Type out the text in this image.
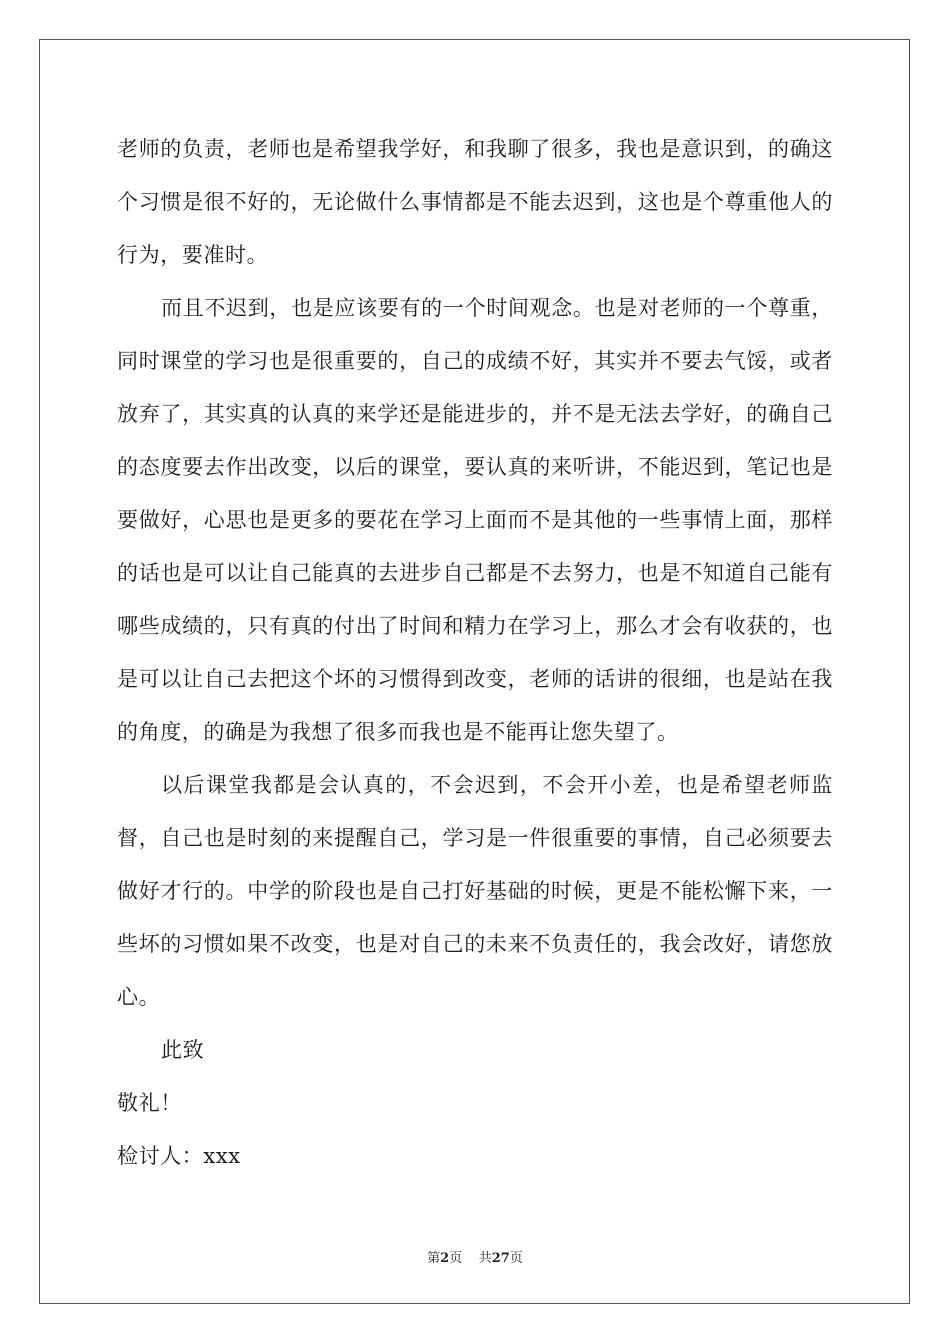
老师的负责，老师也是希望我学好，和我聊了很多，我也是意识到，的确这个习惯是很不好的，无论做什么事情都是不能去迟到，这也是个尊重他人的行为，要准时。

而且不迟到，也是应该要有的一个时间观念。也是对老师的一个尊重，同时课堂的学习也是很重要的，自己的成绩不好，其实并不要去气馁，或者放弃了，其实真的认真的来学还是能进步的，并不是无法去学好，的确自己的态度要去作出改变，以后的课堂，要认真的来听讲，不能迟到，笔记也是要做好，心思也是更多的要花在学习上面而不是其他的一些事情上面，那样的话也是可以让自己能真的去进步自己都是不去努力，也是不知道自己能有哪些成绩的，只有真的付出了时间和精力在学习上，那么才会有收获的，也是可以让自己去把这个坏的习惯得到改变，老师的话讲的很细，也是站在我的角度，的确是为我想了很多而我也是不能再让您失望了。

以后课堂我都是会认真的，不会迟到，不会开小差，也是希望老师监督，自己也是时刻的来提醒自己，学习是一件很重要的事情，自己必须要去做好才行的。中学的阶段也是自己打好基础的时候，更是不能松懈下来，一些坏的习惯如果不改变，也是对自己的未来不负责任的，我会改好，请您放心。

此致

敬礼！

检讨人：xxx

第2页 共27页
